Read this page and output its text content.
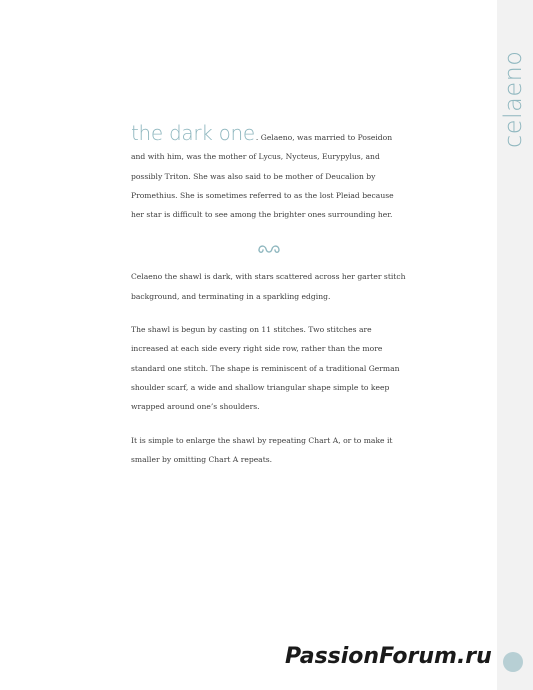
celaeno

the dark one. Gelaeno, was married to Poseidon and with him, was the mother of Lycus, Nycteus, Eurypylus, and possibly Triton. She was also said to be mother of Deucalion by Promethius. She is sometimes referred to as the lost Pleiad because her star is difficult to see among the brighter ones surrounding her.

Celaeno the shawl is dark, with stars scattered across her garter stitch background, and terminating in a sparkling edging.

The shawl is begun by casting on 11 stitches. Two stitches are increased at each side every right side row, rather than the more standard one stitch. The shape is reminiscent of a traditional German shoulder scarf, a wide and shallow triangular shape simple to keep wrapped around one’s shoulders.

It is simple to enlarge the shawl by repeating Chart A, or to make it smaller by omitting Chart A repeats.

PassionForum.ru
